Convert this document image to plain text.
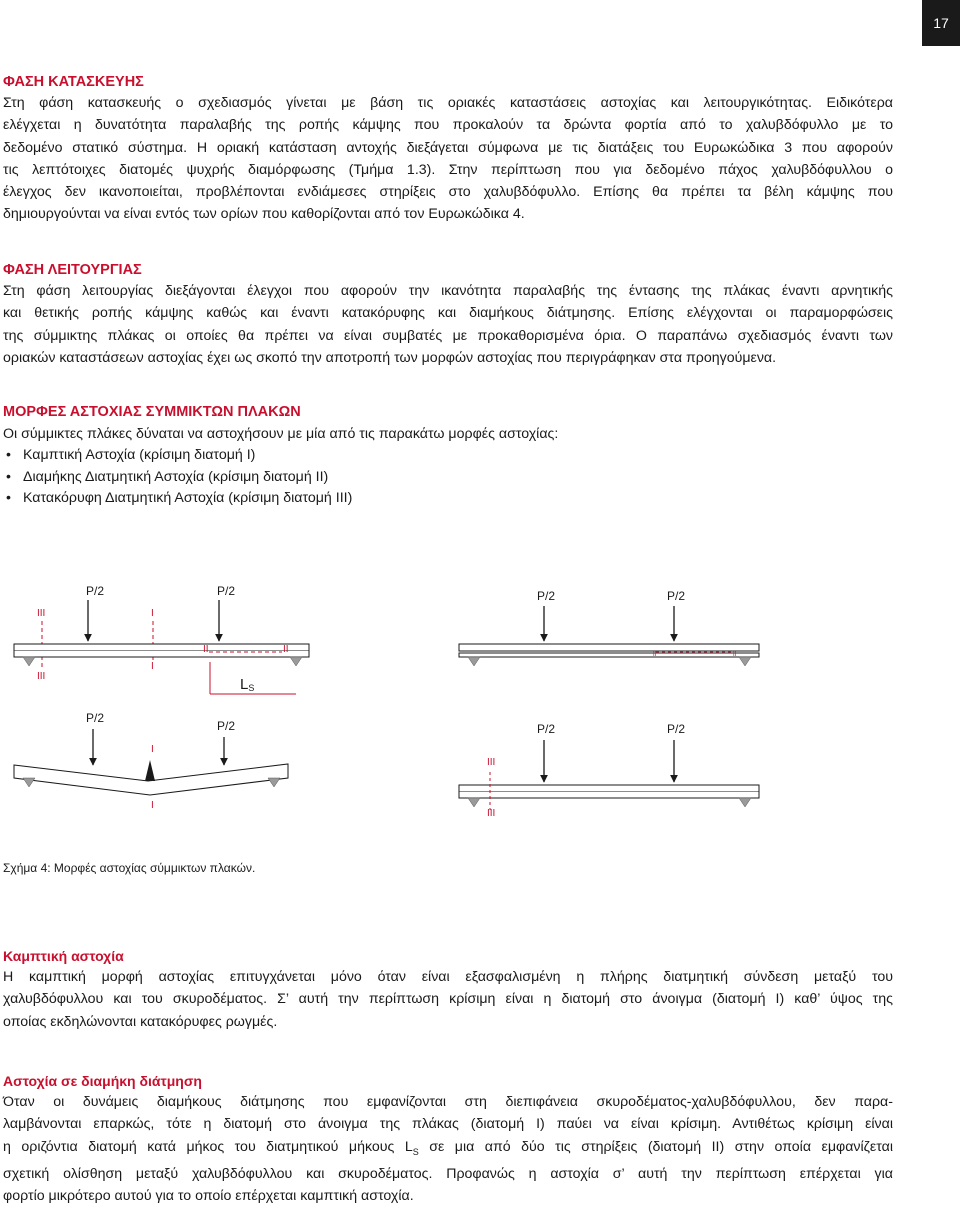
17
ΦΑΣΗ ΚΑΤΑΣΚΕΥΗΣ
Στη φάση κατασκευής ο σχεδιασμός γίνεται με βάση τις οριακές καταστάσεις αστοχίας και λειτουργικότητας. Ειδικότερα
ελέγχεται η δυνατότητα παραλαβής της ροπής κάμψης που προκαλούν τα δρώντα φορτία από το χαλυβδόφυλλο με το
δεδομένο στατικό σύστημα. Η οριακή κατάσταση αντοχής διεξάγεται σύμφωνα με τις διατάξεις του Ευρωκώδικα 3 που αφορούν
τις λεπτότοιχες διατομές ψυχρής διαμόρφωσης (Τμήμα 1.3). Στην περίπτωση που για δεδομένο πάχος χαλυβδόφυλλου ο
έλεγχος δεν ικανοποιείται, προβλέπονται ενδιάμεσες στηρίξεις στο χαλυβδόφυλλο. Επίσης θα πρέπει τα βέλη κάμψης που
δημιουργούνται να είναι εντός των ορίων που καθορίζονται από τον Ευρωκώδικα 4.
ΦΑΣΗ ΛΕΙΤΟΥΡΓΙΑΣ
Στη φάση λειτουργίας διεξάγονται έλεγχοι που αφορούν την ικανότητα παραλαβής της έντασης της πλάκας έναντι αρνητικής
και θετικής ροπής κάμψης καθώς και έναντι κατακόρυφης και διαμήκους διάτμησης. Επίσης ελέγχονται οι παραμορφώσεις
της σύμμικτης πλάκας οι οποίες θα πρέπει να είναι συμβατές με προκαθορισμένα όρια. Ο παραπάνω σχεδιασμός έναντι των
οριακών καταστάσεων αστοχίας έχει ως σκοπό την αποτροπή των μορφών αστοχίας που περιγράφηκαν στα προηγούμενα.
ΜΟΡΦΕΣ ΑΣΤΟΧΙΑΣ ΣΥΜΜΙΚΤΩΝ ΠΛΑΚΩΝ
Οι σύμμικτες πλάκες δύναται να αστοχήσουν με μία από τις παρακάτω μορφές αστοχίας:
• Καμπτική Αστοχία (κρίσιμη διατομή Ι)
• Διαμήκης Διατμητική Αστοχία (κρίσιμη διατομή ΙΙ)
• Κατακόρυφη Διατμητική Αστοχία (κρίσιμη διατομή ΙΙΙ)
P/2	P/2
III	I
II	II
III
I
LS
P/2	P/2
II	II
P/2
P/2
I
I
P/2	P/2
III
III
Σχήμα 4: Μορφές αστοχίας σύμμικτων πλακών.
Καμπτική αστοχία
Η καμπτική μορφή αστοχίας επιτυγχάνεται μόνο όταν είναι εξασφαλισμένη η πλήρης διατμητική σύνδεση μεταξύ του
χαλυβδόφυλλου και του σκυροδέματος. Σ’ αυτή την περίπτωση κρίσιμη είναι η διατομή στο άνοιγμα (διατομή Ι) καθ’ ύψος της
οποίας εκδηλώνονται κατακόρυφες ρωγμές.
Αστοχία σε διαμήκη διάτμηση
Όταν οι δυνάμεις διαμήκους διάτμησης που εμφανίζονται στη διεπιφάνεια σκυροδέματος-χαλυβδόφυλλου, δεν παρα-
λαμβάνονται επαρκώς, τότε η διατομή στο άνοιγμα της πλάκας (διατομή Ι) παύει να είναι κρίσιμη. Αντιθέτως κρίσιμη είναι
η οριζόντια διατομή κατά μήκος του διατμητικού μήκους $L_S$ σε μια από δύο τις στηρίξεις (διατομή ΙΙ) στην οποία εμφανίζεται
σχετική ολίσθηση μεταξύ χαλυβδόφυλλου και σκυροδέματος. Προφανώς η αστοχία σ’ αυτή την περίπτωση επέρχεται για
φορτίο μικρότερο αυτού για το οποίο επέρχεται καμπτική αστοχία.
